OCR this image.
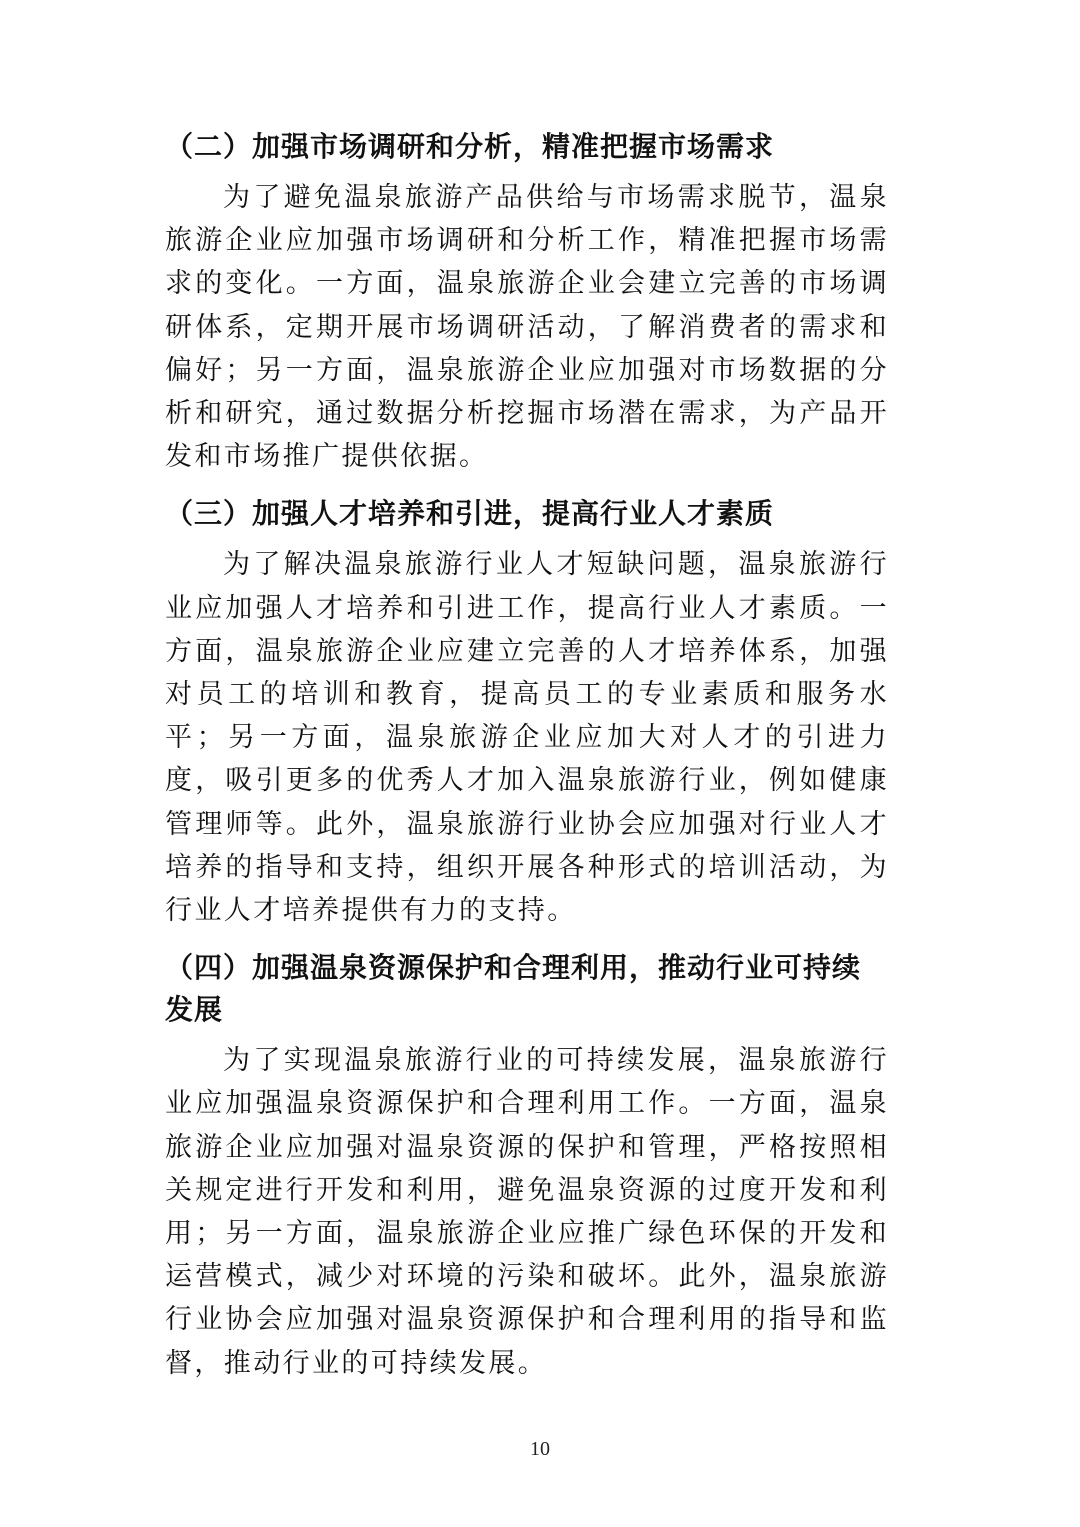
（二）加强市场调研和分析，精准把握市场需求

为了避免温泉旅游产品供给与市场需求脱节，温泉旅游企业应加强市场调研和分析工作，精准把握市场需求的变化。一方面，温泉旅游企业会建立完善的市场调研体系，定期开展市场调研活动，了解消费者的需求和偏好；另一方面，温泉旅游企业应加强对市场数据的分析和研究，通过数据分析挖掘市场潜在需求，为产品开发和市场推广提供依据。

（三）加强人才培养和引进，提高行业人才素质

为了解决温泉旅游行业人才短缺问题，温泉旅游行业应加强人才培养和引进工作，提高行业人才素质。一方面，温泉旅游企业应建立完善的人才培养体系，加强对员工的培训和教育，提高员工的专业素质和服务水平；另一方面，温泉旅游企业应加大对人才的引进力度，吸引更多的优秀人才加入温泉旅游行业，例如健康管理师等。此外，温泉旅游行业协会应加强对行业人才培养的指导和支持，组织开展各种形式的培训活动，为行业人才培养提供有力的支持。

（四）加强温泉资源保护和合理利用，推动行业可持续发展

为了实现温泉旅游行业的可持续发展，温泉旅游行业应加强温泉资源保护和合理利用工作。一方面，温泉旅游企业应加强对温泉资源的保护和管理，严格按照相关规定进行开发和利用，避免温泉资源的过度开发和利用；另一方面，温泉旅游企业应推广绿色环保的开发和运营模式，减少对环境的污染和破坏。此外，温泉旅游行业协会应加强对温泉资源保护和合理利用的指导和监督，推动行业的可持续发展。

10
